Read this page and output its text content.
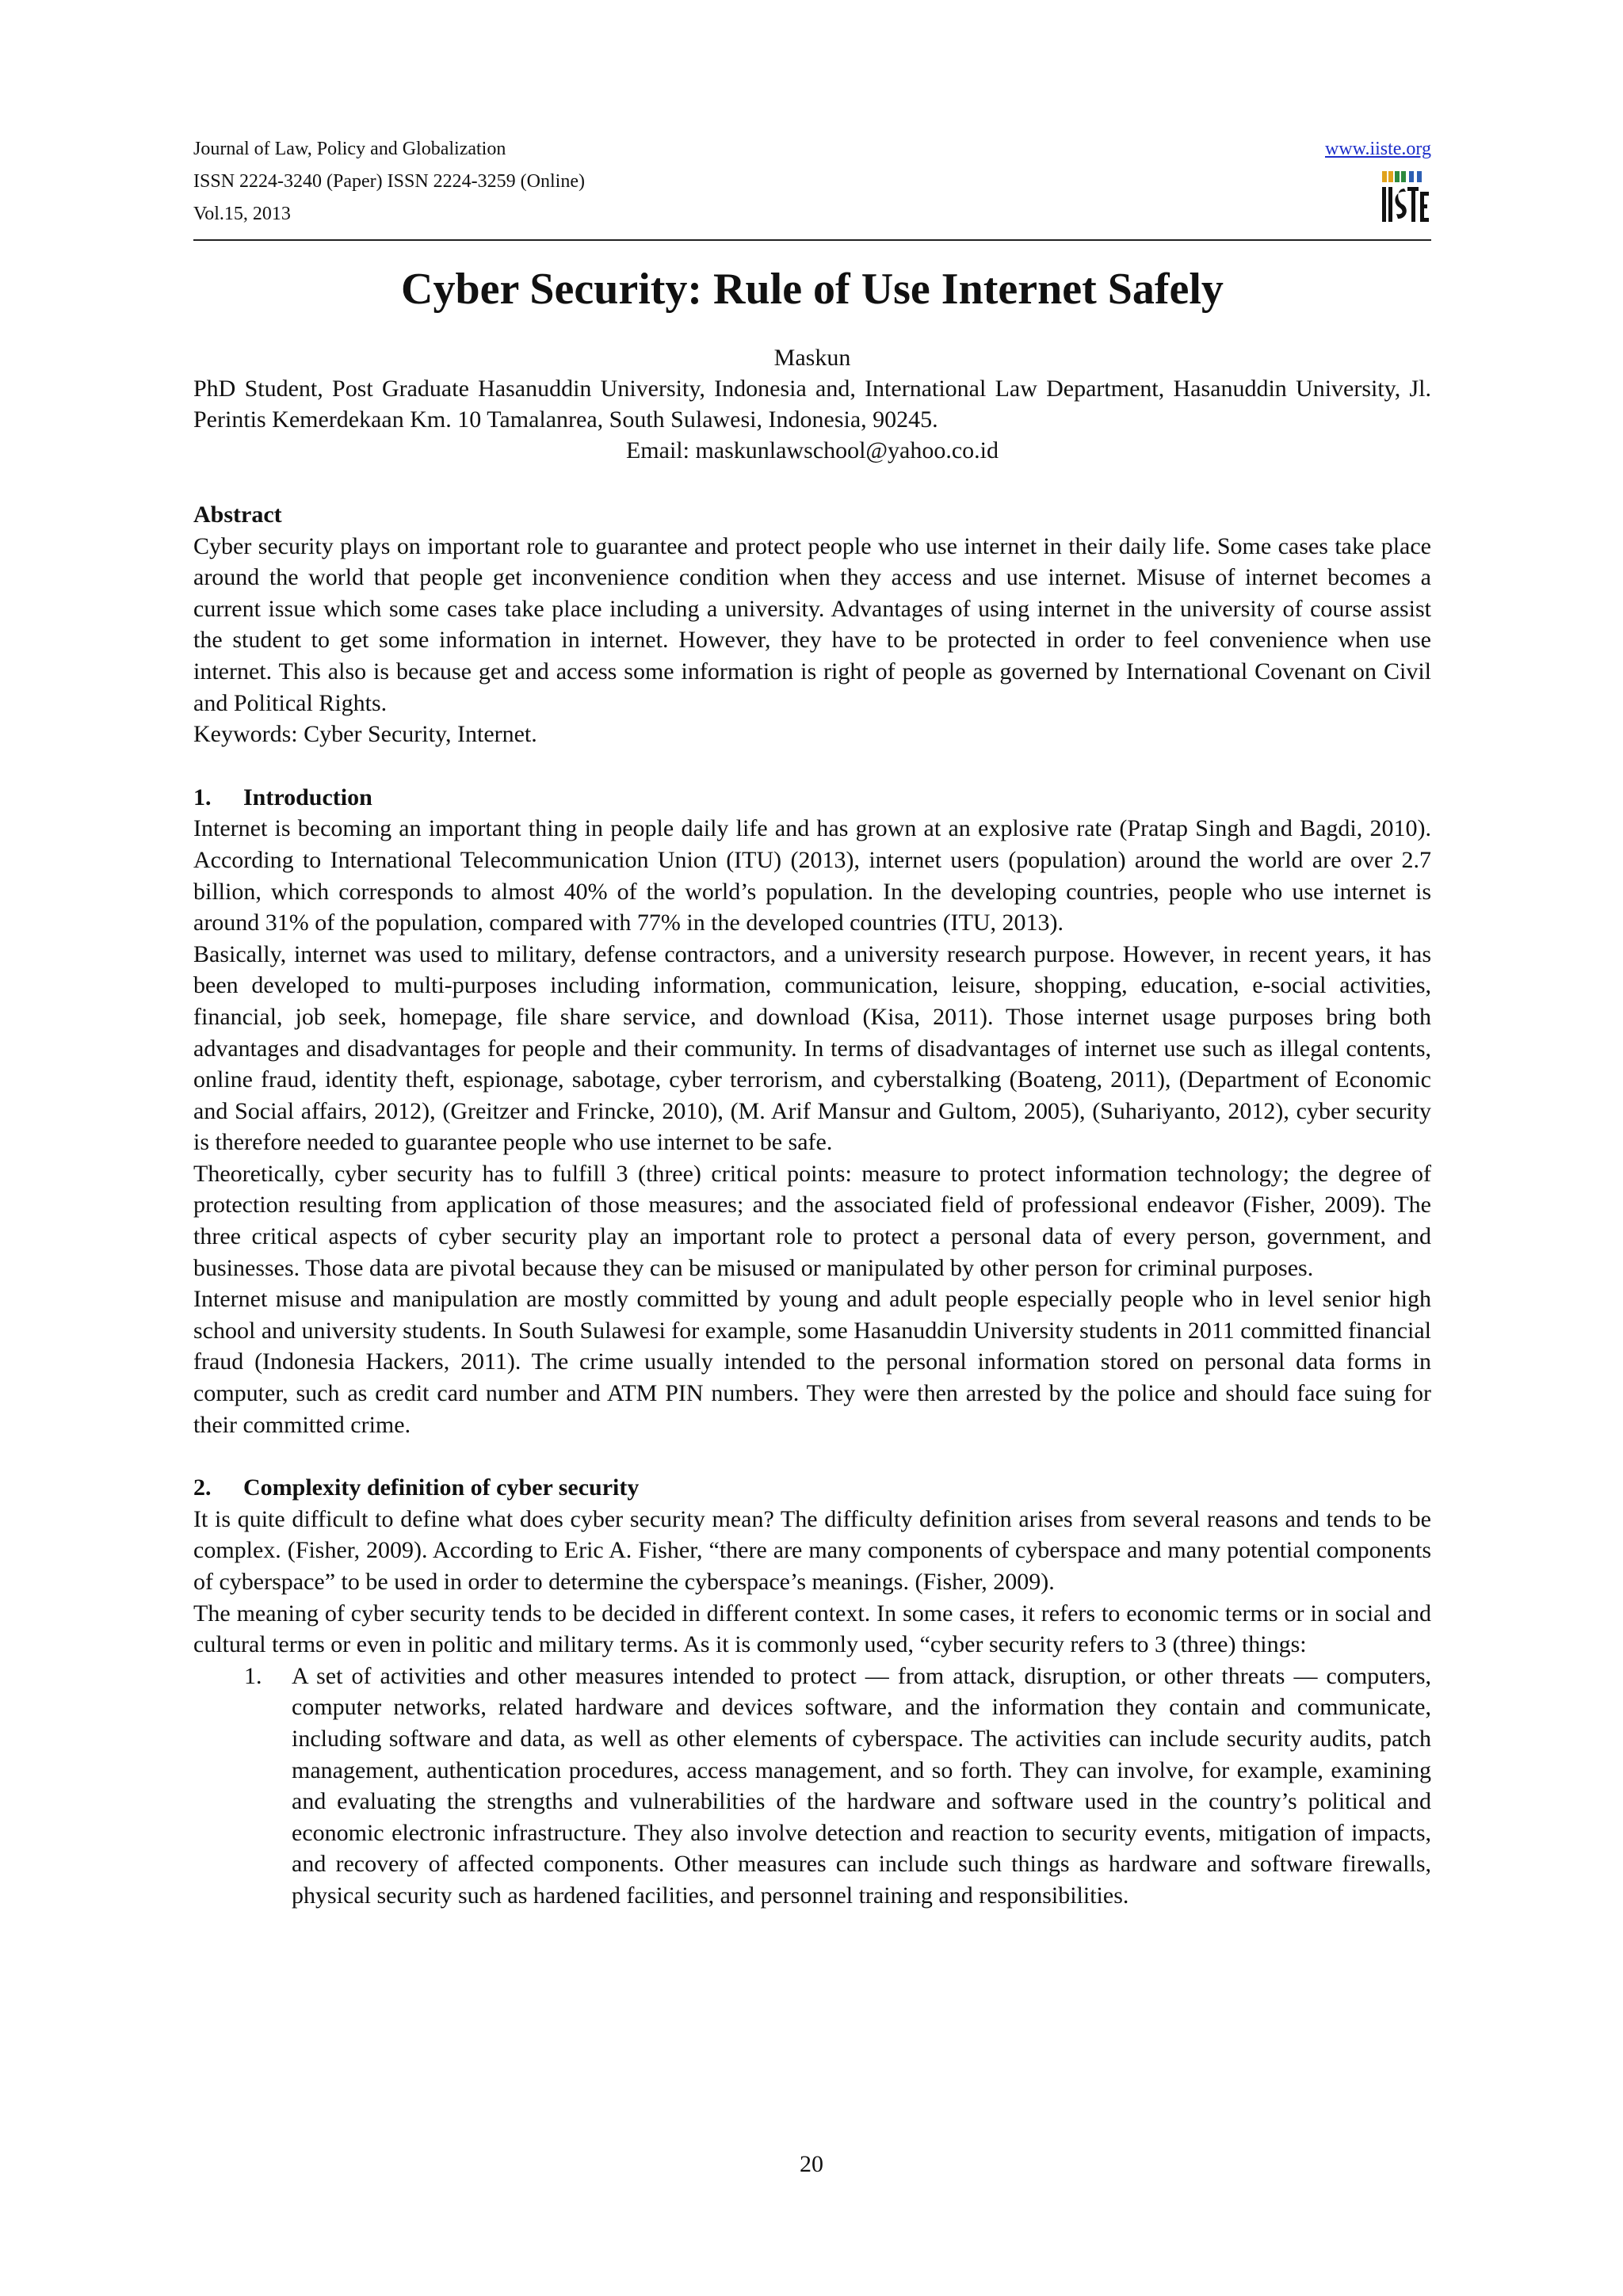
Journal of Law, Policy and Globalization
ISSN 2224-3240 (Paper) ISSN 2224-3259 (Online)
Vol.15, 2013
www.iiste.org
Cyber Security: Rule of Use Internet Safely
Maskun
PhD Student, Post Graduate Hasanuddin University, Indonesia and, International Law Department, Hasanuddin University, Jl. Perintis Kemerdekaan Km. 10 Tamalanrea, South Sulawesi, Indonesia, 90245.
Email: maskunlawschool@yahoo.co.id

Abstract

Cyber security plays on important role to guarantee and protect people who use internet in their daily life. Some cases take place around the world that people get inconvenience condition when they access and use internet. Misuse of internet becomes a current issue which some cases take place including a university. Advantages of using internet in the university of course assist the student to get some information in internet. However, they have to be protected in order to feel convenience when use internet. This also is because get and access some information is right of people as governed by International Covenant on Civil and Political Rights.

Keywords: Cyber Security, Internet.

1. Introduction

Internet is becoming an important thing in people daily life and has grown at an explosive rate (Pratap Singh and Bagdi, 2010). According to International Telecommunication Union (ITU) (2013), internet users (population) around the world are over 2.7 billion, which corresponds to almost 40% of the world’s population. In the developing countries, people who use internet is around 31% of the population, compared with 77% in the developed countries (ITU, 2013).

Basically, internet was used to military, defense contractors, and a university research purpose. However, in recent years, it has been developed to multi-purposes including information, communication, leisure, shopping, education, e-social activities, financial, job seek, homepage, file share service, and download (Kisa, 2011). Those internet usage purposes bring both advantages and disadvantages for people and their community. In terms of disadvantages of internet use such as illegal contents, online fraud, identity theft, espionage, sabotage, cyber terrorism, and cyberstalking (Boateng, 2011), (Department of Economic and Social affairs, 2012), (Greitzer and Frincke, 2010), (M. Arif Mansur and Gultom, 2005), (Suhariyanto, 2012), cyber security is therefore needed to guarantee people who use internet to be safe.

Theoretically, cyber security has to fulfill 3 (three) critical points: measure to protect information technology; the degree of protection resulting from application of those measures; and the associated field of professional endeavor (Fisher, 2009). The three critical aspects of cyber security play an important role to protect a personal data of every person, government, and businesses. Those data are pivotal because they can be misused or manipulated by other person for criminal purposes.

Internet misuse and manipulation are mostly committed by young and adult people especially people who in level senior high school and university students. In South Sulawesi for example, some Hasanuddin University students in 2011 committed financial fraud (Indonesia Hackers, 2011). The crime usually intended to the personal information stored on personal data forms in computer, such as credit card number and ATM PIN numbers. They were then arrested by the police and should face suing for their committed crime.

2. Complexity definition of cyber security

It is quite difficult to define what does cyber security mean? The difficulty definition arises from several reasons and tends to be complex. (Fisher, 2009). According to Eric A. Fisher, “there are many components of cyberspace and many potential components of cyberspace” to be used in order to determine the cyberspace’s meanings. (Fisher, 2009).

The meaning of cyber security tends to be decided in different context. In some cases, it refers to economic terms or in social and cultural terms or even in politic and military terms. As it is commonly used, “cyber security refers to 3 (three) things:

1. A set of activities and other measures intended to protect — from attack, disruption, or other threats — computers, computer networks, related hardware and devices software, and the information they contain and communicate, including software and data, as well as other elements of cyberspace. The activities can include security audits, patch management, authentication procedures, access management, and so forth. They can involve, for example, examining and evaluating the strengths and vulnerabilities of the hardware and software used in the country’s political and economic electronic infrastructure. They also involve detection and reaction to security events, mitigation of impacts, and recovery of affected components. Other measures can include such things as hardware and software firewalls, physical security such as hardened facilities, and personnel training and responsibilities.
20
